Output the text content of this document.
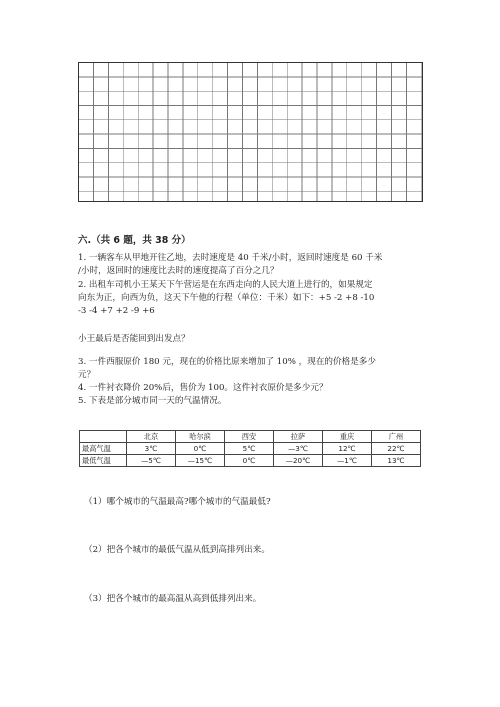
六.（共 6 题，共 38 分）
1. 一辆客车从甲地开往乙地，去时速度是 40 千米/小时，返回时速度是 60 千米
/小时，返回时的速度比去时的速度提高了百分之几？
2. 出租车司机小王某天下午营运是在东西走向的人民大道上进行的，如果规定
向东为正，向西为负，这天下午他的行程（单位：千米）如下：+5 -2 +8 -10
-3 -4 +7 +2 -9 +6
小王最后是否能回到出发点？
3. 一件西服原价 180 元，现在的价格比原来增加了 10% ，现在的价格是多少
元？
4. 一件衬衣降价 20%后，售价为 100。这件衬衣原价是多少元？
5. 下表是部分城市同一天的气温情况。
	北京	哈尔滨	西安	拉萨	重庆	广州
最高气温	3℃	0℃	5℃	—3℃	12℃	22℃
最低气温	—5℃	—15℃	0℃	—20℃	—1℃	13℃
（1）哪个城市的气温最高?哪个城市的气温最低?
（2）把各个城市的最低气温从低到高排列出来。
（3）把各个城市的最高温从高到低排列出来。
